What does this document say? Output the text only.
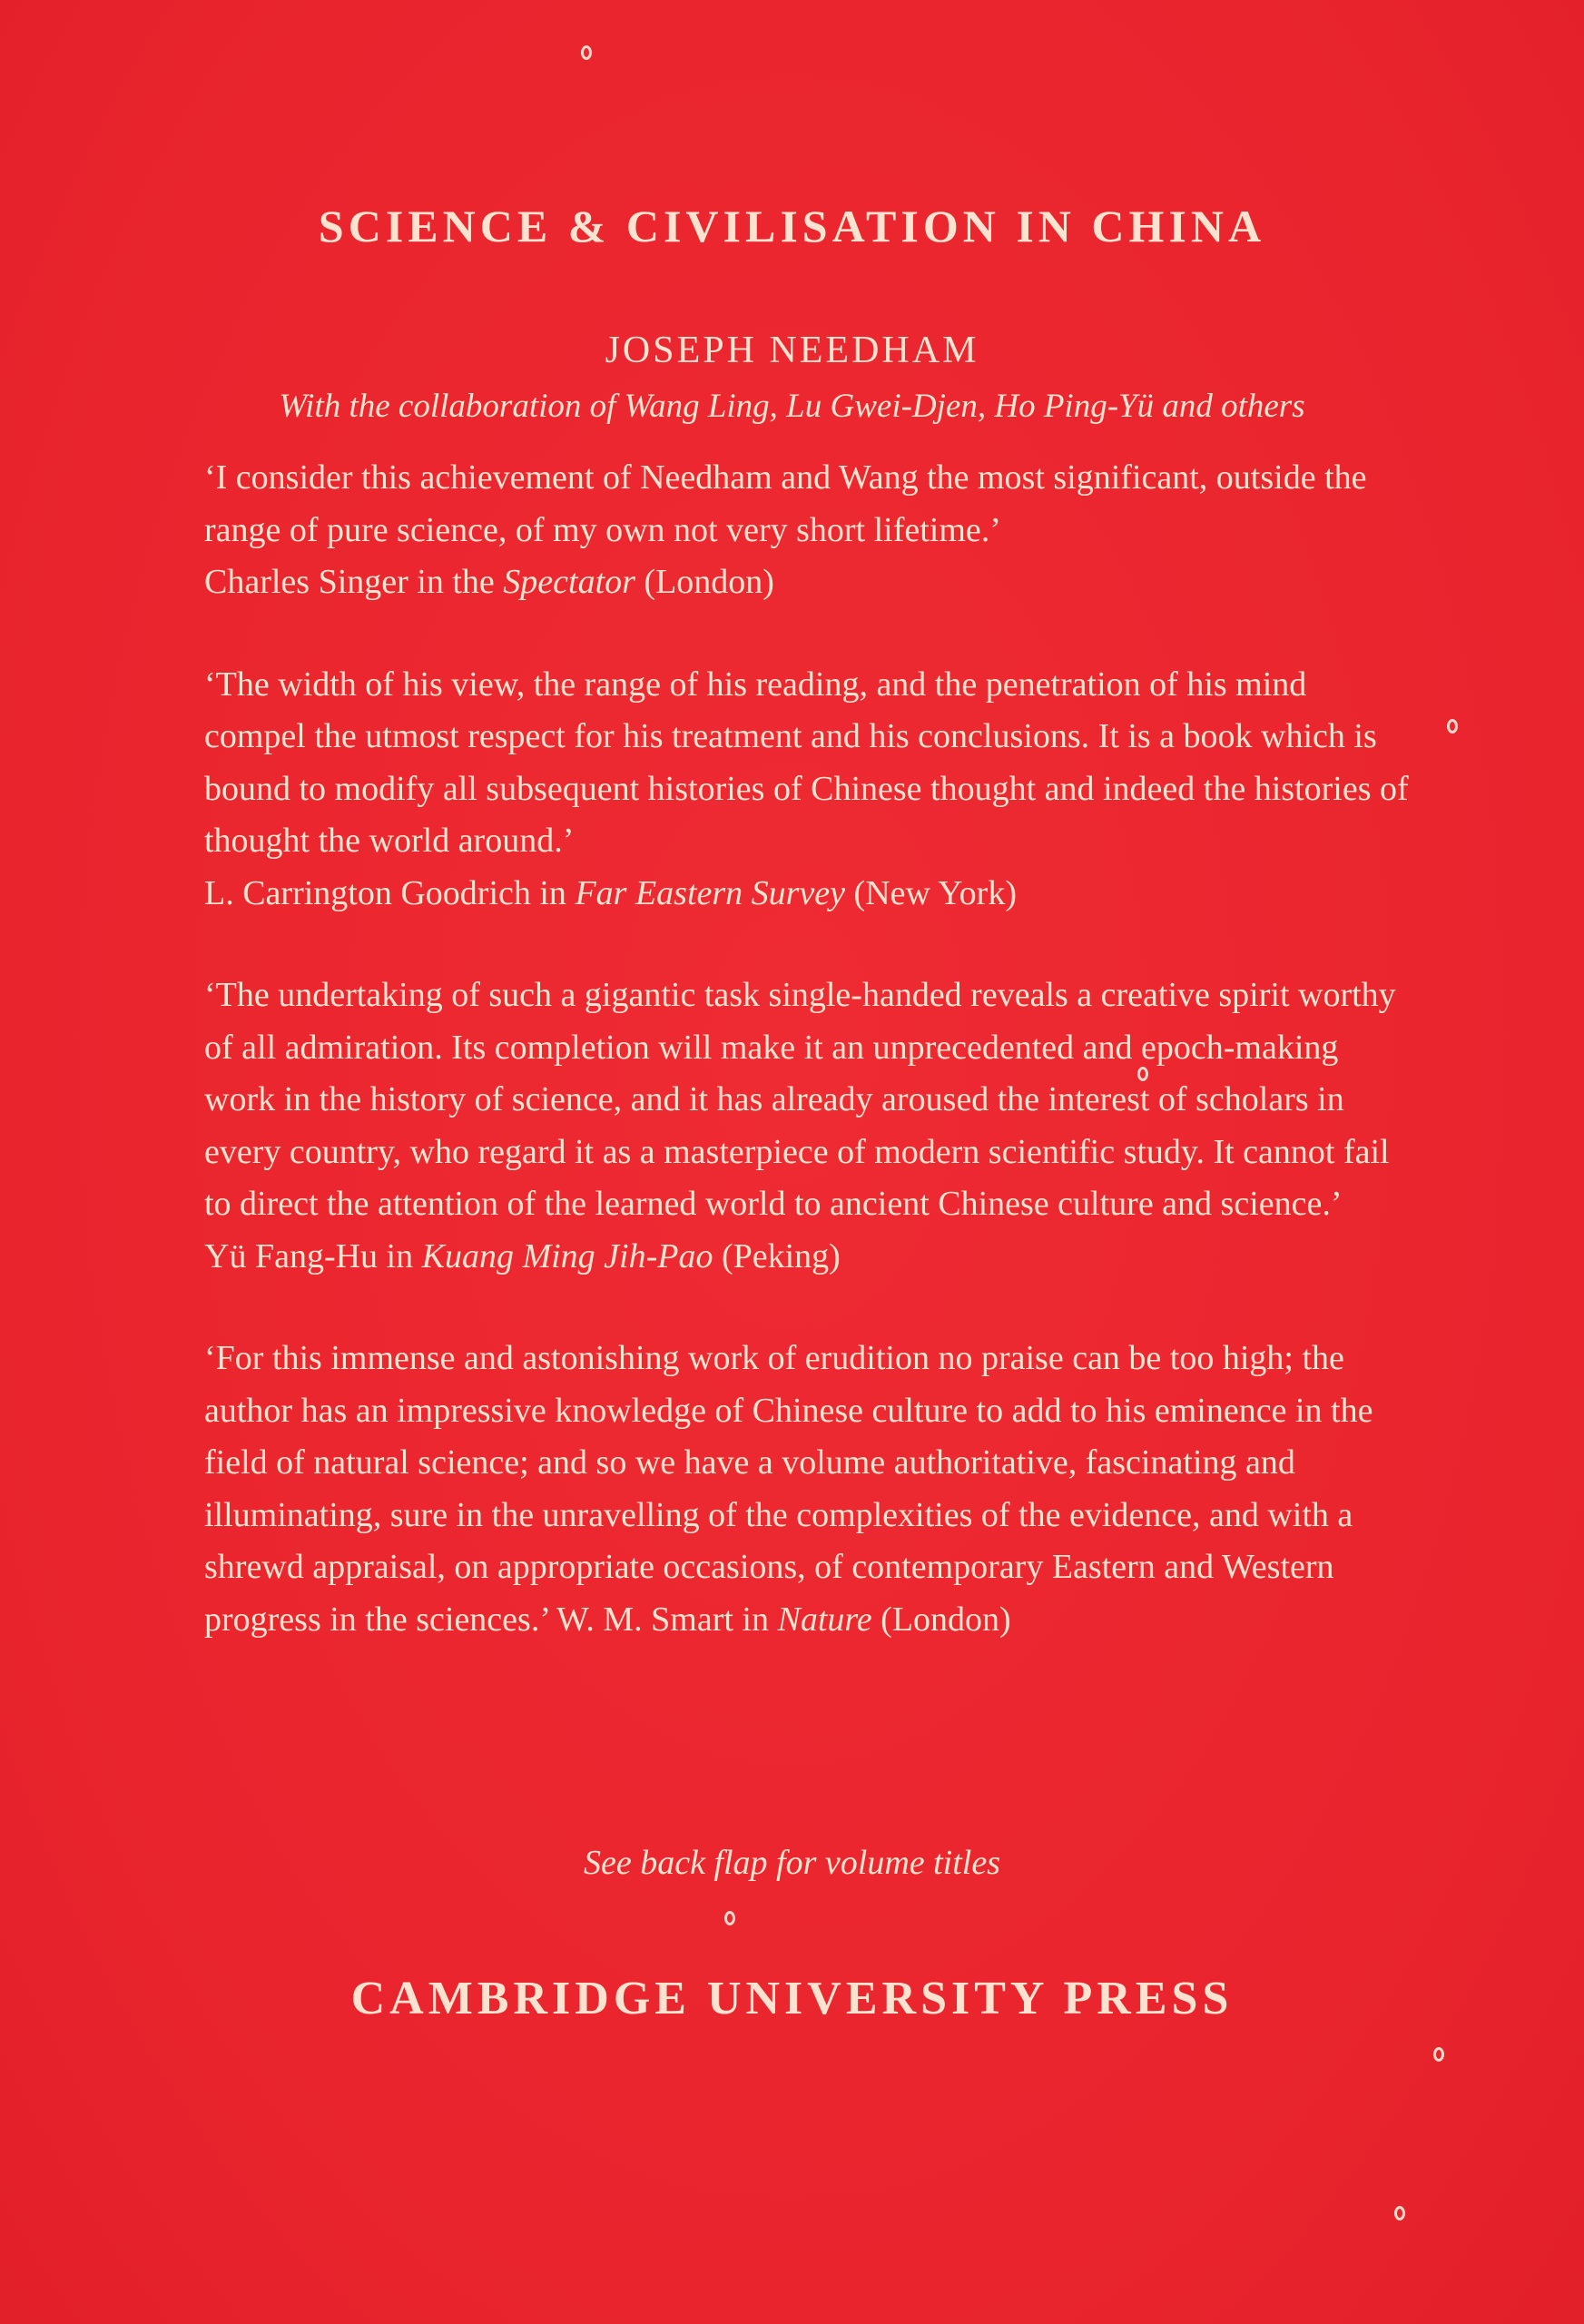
SCIENCE & CIVILISATION IN CHINA
JOSEPH NEEDHAM
With the collaboration of Wang Ling, Lu Gwei-Djen, Ho Ping-Yü and others

‘I consider this achievement of Needham and Wang the most significant, outside the range of pure science, of my own not very short lifetime.’
Charles Singer in the Spectator (London)

‘The width of his view, the range of his reading, and the penetration of his mind compel the utmost respect for his treatment and his conclusions. It is a book which is bound to modify all subsequent histories of Chinese thought and indeed the histories of thought the world around.’
L. Carrington Goodrich in Far Eastern Survey (New York)

‘The undertaking of such a gigantic task single-handed reveals a creative spirit worthy of all admiration. Its completion will make it an unprecedented and epoch-making work in the history of science, and it has already aroused the interest of scholars in every country, who regard it as a masterpiece of modern scientific study. It cannot fail to direct the attention of the learned world to ancient Chinese culture and science.’
Yü Fang-Hu in Kuang Ming Jih-Pao (Peking)

‘For this immense and astonishing work of erudition no praise can be too high; the author has an impressive knowledge of Chinese culture to add to his eminence in the field of natural science; and so we have a volume authoritative, fascinating and illuminating, sure in the unravelling of the complexities of the evidence, and with a shrewd appraisal, on appropriate occasions, of contemporary Eastern and Western progress in the sciences.’ W. M. Smart in Nature (London)

See back flap for volume titles
CAMBRIDGE UNIVERSITY PRESS
